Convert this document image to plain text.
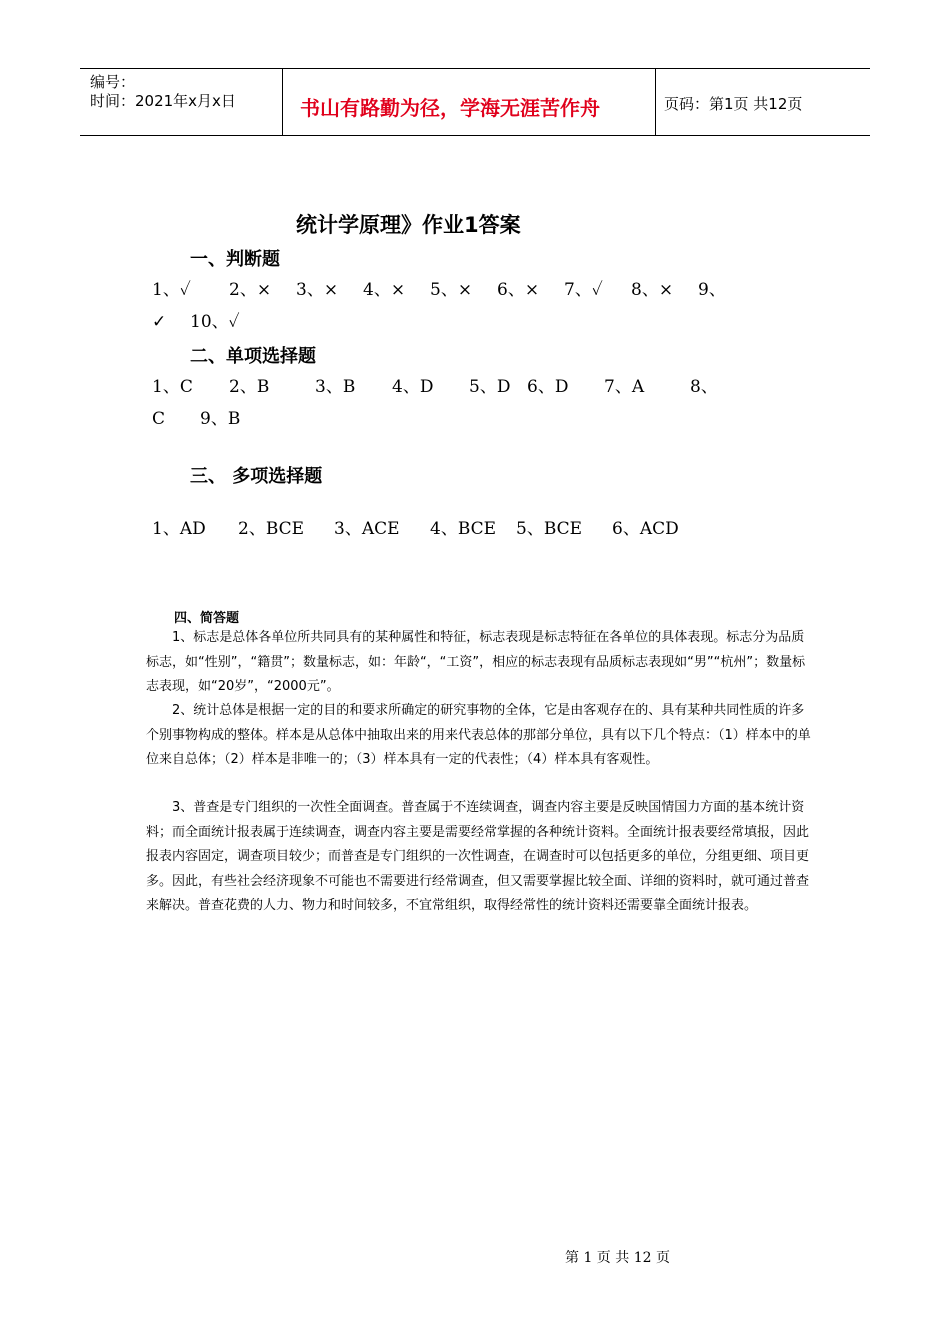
编号：
时间：2021年x月x日	书山有路勤为径，学海无涯苦作舟	页码：第1页 共12页
统计学原理》作业1答案
一、判断题
1、✓ 2、× 3、× 4、× 5、× 6、× 7、✓ 8、× 9、
✓ 10、✓
二、单项选择题
1、C 2、B	3、B 4、D 5、D 6、D 7、A	8、
C 9、B
三、 多项选择题
1、AD 2、BCE 3、ACE 4、BCE 5、BCE 6、ACD
四、简答题
1、标志是总体各单位所共同具有的某种属性和特征，标志表现是标志特征在各单位的具体表现。标志分为品质标志，如“性别”，“籍贯”；数量标志，如：年龄“，“工资”，相应的标志表现有品质标志表现如“男”“杭州”；数量标志表现，如“20岁”，“2000元”。
2、统计总体是根据一定的目的和要求所确定的研究事物的全体，它是由客观存在的、具有某种共同性质的许多个别事物构成的整体。样本是从总体中抽取出来的用来代表总体的那部分单位，具有以下几个特点：（1）样本中的单位来自总体；（2）样本是非唯一的；（3）样本具有一定的代表性；（4）样本具有客观性。
3、普查是专门组织的一次性全面调查。普查属于不连续调查，调查内容主要是反映国情国力方面的基本统计资料；而全面统计报表属于连续调查，调查内容主要是需要经常掌握的各种统计资料。全面统计报表要经常填报，因此报表内容固定，调查项目较少；而普查是专门组织的一次性调查，在调查时可以包括更多的单位，分组更细、项目更多。因此，有些社会经济现象不可能也不需要进行经常调查，但又需要掌握比较全面、详细的资料时，就可通过普查来解决。普查花费的人力、物力和时间较多，不宜常组织，取得经常性的统计资料还需要靠全面统计报表。
第 1 页 共 12 页
